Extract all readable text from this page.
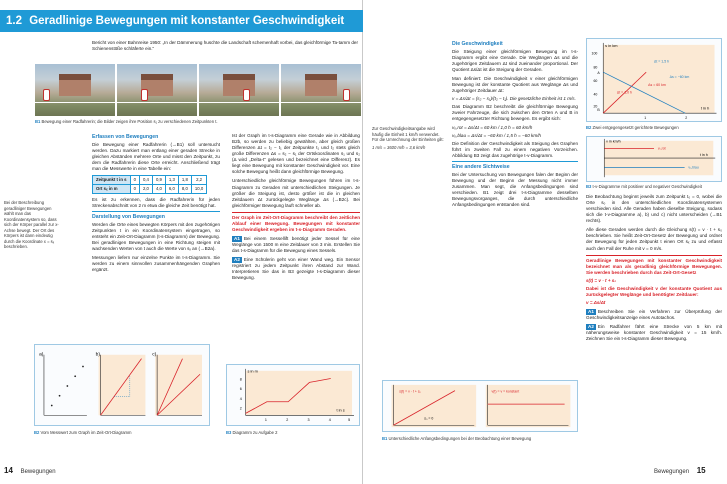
1.2 Geradlinige Bewegungen mit konstanter Geschwindigkeit
Bericht von einer Bahnreise 1950: „In der Dämmerung huschte die Landschaft schemenhaft vorbei, das gleichförmige Ta-tamm der Schienenstöße schläferte ein.“
B1 Bewegung einer Radfahrerin; die Bilder zeigen ihre Position s₁ zu verschiedenen Zeitpunkten t.
Bei der Beschreibung geradliniger Bewegungen wählt man das Koordinatensystem so, dass sich der Körper parallel zur x-Achse bewegt. Der Ort des Körpers ist dann eindeutig durch die Koordinate x = sₓ beschrieben.
Erfassen von Bewegungen
Die Bewegung einer Radfahrerin (→B1) soll untersucht werden. Dazu markiert man entlang einer geraden Strecke in gleichen Abständen mehrere Orte und misst den Zeitpunkt, zu dem die Radfahrerin diese Orte erreicht. Anschließend trägt man die Messwerte in eine Tabelle ein:
Zeitpunkt t in s	0	0,4	0,9	1,3	1,8	2,2
Ort sₓ in m	0	2,0	4,0	6,0	8,0	10,0
Es ist zu erkennen, dass die Radfahrerin für jeden Streckenabschnitt von 2 m etwa die gleiche Zeit benötigt hat.
Darstellung von Bewegungen
Werden die Orte eines bewegten Körpers mit den zugehörigen Zeitpunkten t in ein Koordinatensystem eingetragen, so entsteht ein Zeit-Ort-Diagramm (t-s-Diagramm) der Bewegung. Bei geradlinigen Bewegungen in eine Richtung steigen mit wachsenden Werten von t auch die Werte von sₓ an (→B2a).
Messungen liefern nur einzelne Punkte im t-s-Diagramm. Sie werden zu einem sinnvollen zusammenhängenden Graphen ergänzt.
Ist der Graph im t-s-Diagramm eine Gerade wie in Abbildung B2b, so werden zu beliebig gewählten, aber gleich großen Differenzen Δt = t₂ − t₁ der Zeitpunkte t₁ und t₂ stets gleich große Differenzen Δs = s₂ − s₁ der Ortskoordinaten s₁ und s₂ (Δ wird „Delta-t“ gelesen und bezeichnet eine Differenz). Es liegt eine Bewegung mit konstanter Geschwindigkeit vor. Eine solche Bewegung heißt dann gleichförmige Bewegung.
Unterschiedliche gleichförmige Bewegungen führen im t-s-Diagramm zu Geraden mit unterschiedlichen Steigungen. Je größer die Steigung ist, desto größer ist die in gleichen Zeitdauern Δt zurückgelegte Weglänge Δs (→B2c). Bei gleichförmiger Bewegung läuft schneller ab.
Der Graph im Zeit-Ort-Diagramm beschreibt den zeitlichen Ablauf einer Bewegung. Bewegungen mit konstanter Geschwindigkeit ergeben im t-s-Diagramm Geraden.
A1 Bei einem Sessellift benötigt jeder Sessel für eine Weglänge von 1500 m eine Zeitdauer von 3 min. Erstellen Sie das t-s-Diagramm für die Bewegung eines Sessels.
A2 Eine Schülerin geht von einer Wand weg. Ein Sensor registriert zu jedem Zeitpunkt ihren Abstand zur Wand. Interpretieren Sie das in B3 gezeigte t-s-Diagramm dieser Bewegung.
a)	b)	c)
B2 Vom Messwert zum Graph im Zeit-Ort-Diagramm
s in m
t in s
8
6
4
2
1	2	3	4	5
B3 Diagramm zu Aufgabe 2
14 Bewegungen
Die Geschwindigkeit
Die Steigung einer gleichförmigen Bewegung im t-s-Diagramm ergibt eine Gerade. Die Weglängen Δs und die zugehörigen Zeitdauern Δt sind zueinander proportional. Der Quotient Δs/Δt ist die Steigung der Geraden.
Man definiert: Die Geschwindigkeit v einer gleichförmigen Bewegung ist der konstante Quotient aus Weglänge Δs und zugehöriger Zeitdauer Δt:
v = Δs/Δt = (s₂ − s₁)/(t₂ − t₁). Die gesetzliche Einheit ist 1 m/s.
Das Diagramm B2 beschreibt die gleichförmige Bewegung zweier Fahrzeuge, die sich zwischen den Orten A und B in entgegengesetzter Richtung bewegen. Es ergibt sich:
vₓ,rot = Δs/Δt = 60 km / 1,0 h = 60 km/h
vₓ,blau = Δs/Δt = −60 km / 1,5 h = −60 km/h
Die Definition der Geschwindigkeit als Steigung des Graphen führt im zweiten Fall zu einem negativen Vorzeichen. Abbildung B3 zeigt das zugehörige t-v-Diagramm.
Eine andere Sichtweise
Bei der Untersuchung von Bewegungen falen der Beginn der Bewegung und der Beginn der Messung nicht immer zusammen. Man segt, die Anfangsbedingungen sind verschieden. B1 zeigt drei t-s-Diagramme desselben Bewegungsvorganges, die durch unterschiedliche Anfangsbedingungen entstanden sind.
Zur Geschwindigkeitsangabe wird häufig die Einheit 1 km/h verwendet. Für die Umrechnung der Einheiten gilt:
1 m/s = 3600 m/h = 3,6 km/h
s in km
t in h
100
80
60
40
20
1	2
Δt = 1,5 h
Δt = 1,0 h
Δs = 60 km
Δs = −60 km
A
B
B2 Zwei entgegengesetzt gerichtete Bewegungen
v in km/h
t in h
vₓ,rot
vₓ,blau
B3 t-v-Diagramme mit positiver und negativer Geschwindigkeit
Die Beobachtung beginnt jeweils zum Zeitpunkt t₀ = 0, wobei die Orte s₀ in den unterschiedlichen Koordinatensystemen verschieden sind. Alle Geraden haben dieselbe Steigung, sodass sich die t-v-Diagramme a), b) und c) nicht unterscheiden (→B1 rechts).
Alle diese Geraden werden durch die Gleichung s(t) = v · t + s₀ beschrieben. Sie heißt Zeit-Ort-Gesetz der Bewegung und ordnet der Bewegung für jeden Zeitpunkt t einen Ort sₓ zu und erfasst auch den Fall der Ruhe mit v = 0 m/s.
Geradlinige Bewegungen mit konstanter Geschwindigkeit bezeichnet man als geradlinig gleichförmige Bewegungen. Sie werden beschrieben durch das Zeit-Ort-Gesetz
s(t) = v · t + s₀
Dabei ist die Geschwindigkeit v der konstante Quotient aus zurückgelegter Weglänge und benötigter Zeitdauer:
v = Δs/Δt
A1 Beschreiben Sie ein Verfahren zur Überprüfung der Geschwindigkeitsanzeige eines Autotachos.
A2 Ein Radfahrer fährt eine Strecke von 5 km mit näherungsweise konstanter Geschwindigkeit v = 15 km/h. Zeichnen Sie ein t-s-Diagramm dieser Bewegung.
s(t) = v · t + s₀
s₀ = 0
v(t) = v = konstant
B1 Unterschiedliche Anfangsbedingungen bei der Beobachtung einer Bewegung
Bewegungen 15
